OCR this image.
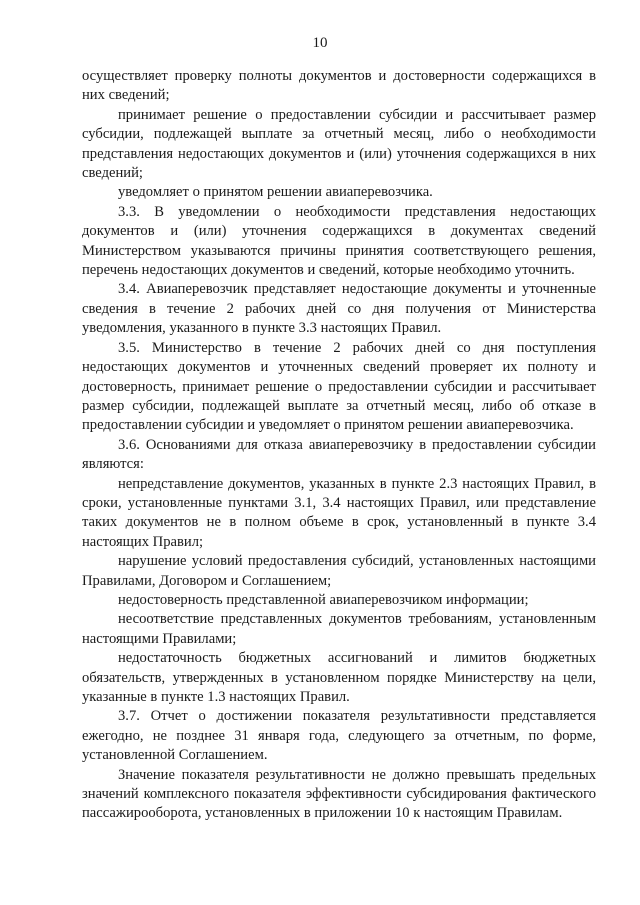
10

осуществляет проверку полноты документов и достоверности содержащихся в них сведений;

принимает решение о предоставлении субсидии и рассчитывает размер субсидии, подлежащей выплате за отчетный месяц, либо о необходимости представления недостающих документов и (или) уточнения содержащихся в них сведений;

уведомляет о принятом решении авиаперевозчика.

3.3. В уведомлении о необходимости представления недостающих документов и (или) уточнения содержащихся в документах сведений Министерством указываются причины принятия соответствующего решения, перечень недостающих документов и сведений, которые необходимо уточнить.

3.4. Авиаперевозчик представляет недостающие документы и уточненные сведения в течение 2 рабочих дней со дня получения от Министерства уведомления, указанного в пункте 3.3 настоящих Правил.

3.5. Министерство в течение 2 рабочих дней со дня поступления недостающих документов и уточненных сведений проверяет их полноту и достоверность, принимает решение о предоставлении субсидии и рассчитывает размер субсидии, подлежащей выплате за отчетный месяц, либо об отказе в предоставлении субсидии и уведомляет о принятом решении авиаперевозчика.

3.6. Основаниями для отказа авиаперевозчику в предоставлении субсидии являются:

непредставление документов, указанных в пункте 2.3 настоящих Правил, в сроки, установленные пунктами 3.1, 3.4 настоящих Правил, или представление таких документов не в полном объеме в срок, установленный в пункте 3.4 настоящих Правил;

нарушение условий предоставления субсидий, установленных настоящими Правилами, Договором и Соглашением;

недостоверность представленной авиаперевозчиком информации;

несоответствие представленных документов требованиям, установленным настоящими Правилами;

недостаточность бюджетных ассигнований и лимитов бюджетных обязательств, утвержденных в установленном порядке Министерству на цели, указанные в пункте 1.3 настоящих Правил.

3.7. Отчет о достижении показателя результативности представляется ежегодно, не позднее 31 января года, следующего за отчетным, по форме, установленной Соглашением.

Значение показателя результативности не должно превышать предельных значений комплексного показателя эффективности субсидирования фактического пассажирооборота, установленных в приложении 10 к настоящим Правилам.
